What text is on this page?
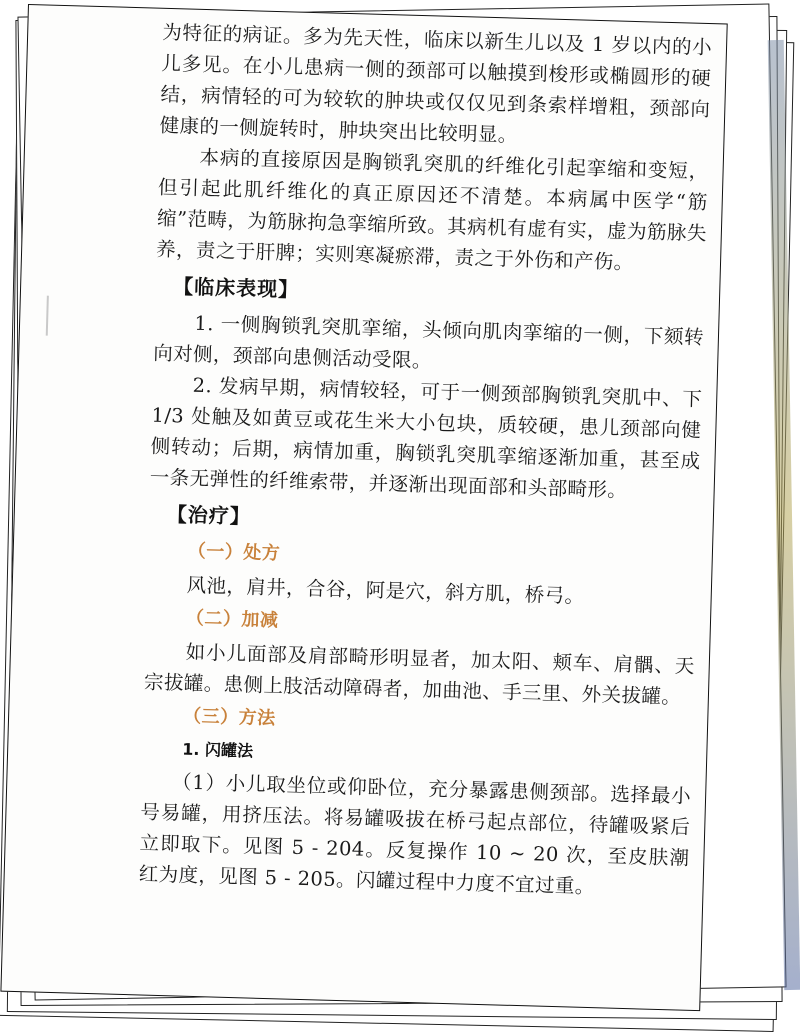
为特征的病证。多为先天性，临床以新生儿以及 1 岁以内的小儿多见。在小儿患病一侧的颈部可以触摸到梭形或椭圆形的硬结，病情轻的可为较软的肿块或仅仅见到条索样增粗，颈部向健康的一侧旋转时，肿块突出比较明显。

　　本病的直接原因是胸锁乳突肌的纤维化引起挛缩和变短，但引起此肌纤维化的真正原因还不清楚。本病属中医学“筋缩”范畴，为筋脉拘急挛缩所致。其病机有虚有实，虚为筋脉失养，责之于肝脾；实则寒凝瘀滞，责之于外伤和产伤。

【临床表现】

　　1. 一侧胸锁乳突肌挛缩，头倾向肌肉挛缩的一侧，下颏转向对侧，颈部向患侧活动受限。

　　2. 发病早期，病情较轻，可于一侧颈部胸锁乳突肌中、下 1/3 处触及如黄豆或花生米大小包块，质较硬，患儿颈部向健侧转动；后期，病情加重，胸锁乳突肌挛缩逐渐加重，甚至成一条无弹性的纤维索带，并逐渐出现面部和头部畸形。

【治疗】
（一）处方

　　风池，肩井，合谷，阿是穴，斜方肌，桥弓。

（二）加减

　　如小儿面部及肩部畸形明显者，加太阳、颊车、肩髃、天宗拔罐。患侧上肢活动障碍者，加曲池、手三里、外关拔罐。

（三）方法
1. 闪罐法

　　（1）小儿取坐位或仰卧位，充分暴露患侧颈部。选择最小号易罐，用挤压法。将易罐吸拔在桥弓起点部位，待罐吸紧后立即取下。见图 5 - 204。反复操作 10 ~ 20 次，至皮肤潮红为度，见图 5 - 205。闪罐过程中力度不宜过重。
